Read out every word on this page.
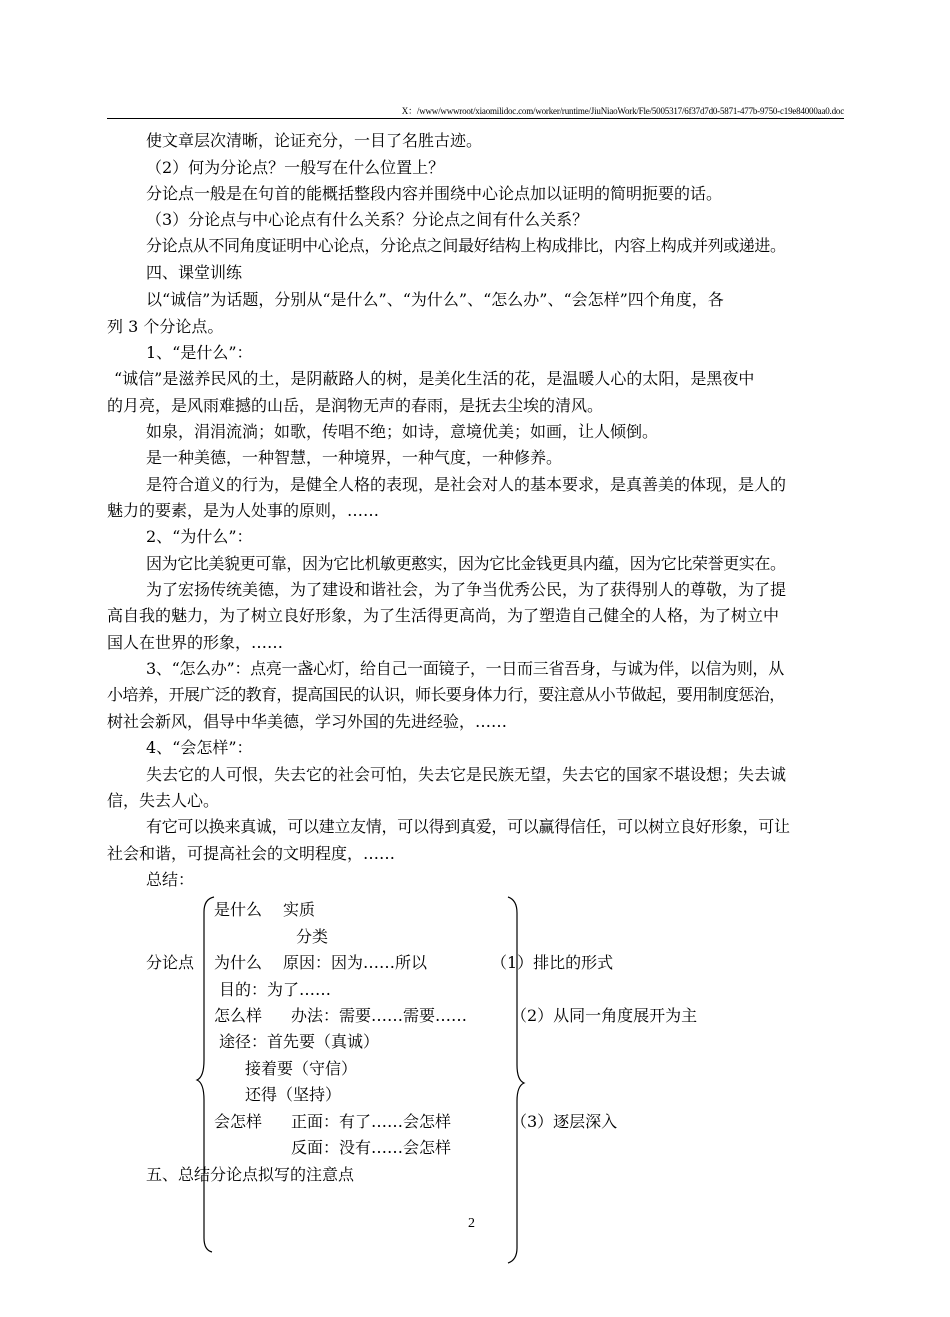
X：/www/wwwroot/xiaomilidoc.com/worker/runtime/JiuNiaoWork/Fle/5005317/6f37d7d0-5871-477b-9750-c19e84000aa0.doc
使文章层次清晰，论证充分，一目了名胜古迹。
（2）何为分论点？一般写在什么位置上？
分论点一般是在句首的能概括整段内容并围绕中心论点加以证明的简明扼要的话。
（3）分论点与中心论点有什么关系？分论点之间有什么关系？
分论点从不同角度证明中心论点，分论点之间最好结构上构成排比，内容上构成并列或递进。
四、课堂训练
以“诚信”为话题，分别从“是什么”、“为什么”、“怎么办”、“会怎样”四个角度，各
列 3 个分论点。
1、“是什么”：
“诚信”是滋养民风的土，是阴蔽路人的树，是美化生活的花，是温暖人心的太阳，是黑夜中
的月亮，是风雨难撼的山岳，是润物无声的春雨，是抚去尘埃的清风。
如泉，涓涓流淌；如歌，传唱不绝；如诗，意境优美；如画，让人倾倒。
是一种美德，一种智慧，一种境界，一种气度，一种修养。
是符合道义的行为，是健全人格的表现，是社会对人的基本要求，是真善美的体现，是人的
魅力的要素，是为人处事的原则，……
2、“为什么”：
因为它比美貌更可靠，因为它比机敏更憨实，因为它比金钱更具内蕴，因为它比荣誉更实在。
为了宏扬传统美德，为了建设和谐社会，为了争当优秀公民，为了获得别人的尊敬，为了提
高自我的魅力，为了树立良好形象，为了生活得更高尚，为了塑造自己健全的人格，为了树立中
国人在世界的形象，……
3、“怎么办”：点亮一盏心灯，给自己一面镜子，一日而三省吾身，与诚为伴，以信为则，从
小培养，开展广泛的教育，提高国民的认识，师长要身体力行，要注意从小节做起，要用制度惩治，
树社会新风，倡导中华美德，学习外国的先进经验，……
4、“会怎样”：
失去它的人可恨，失去它的社会可怕，失去它是民族无望，失去它的国家不堪设想；失去诚
信，失去人心。
有它可以换来真诚，可以建立友情，可以得到真爱，可以赢得信任，可以树立良好形象，可让
社会和谐，可提高社会的文明程度，……
总结：
是什么 实质
分类
分论点 为什么 原因：因为……所以	（1）排比的形式
目的：为了……
怎么样 办法：需要……需要……	（2）从同一角度展开为主
途径：首先要（真诚）
接着要（守信）
还得（坚持）
会怎样 正面：有了……会怎样	（3）逐层深入
反面：没有……会怎样
五、总结分论点拟写的注意点
2
